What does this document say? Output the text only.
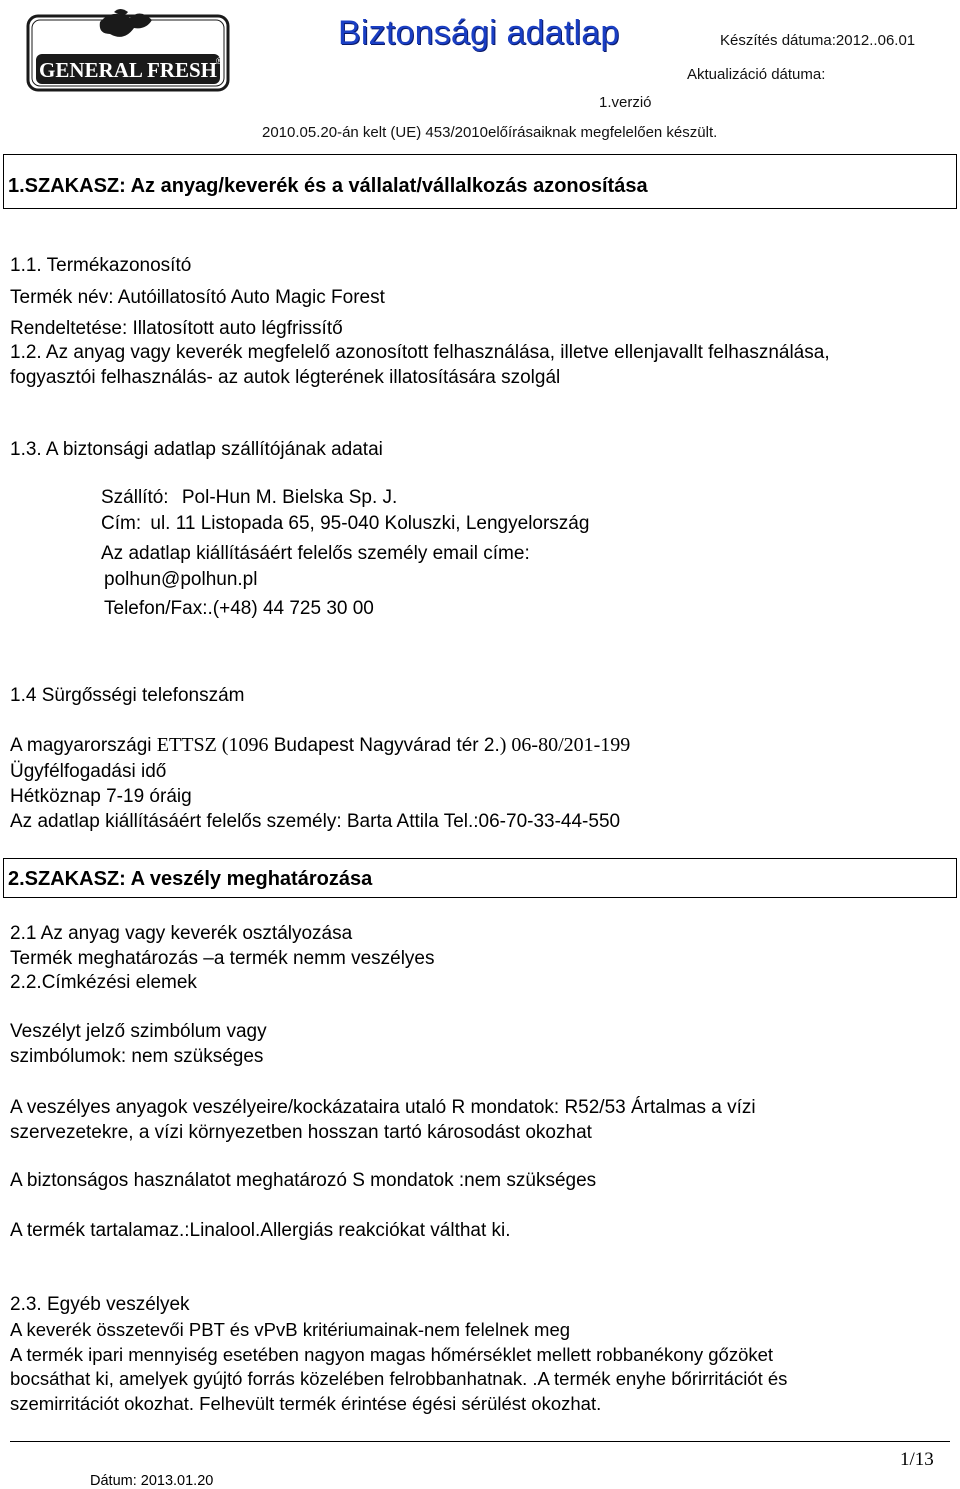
GENERAL FRESH ®
Biztonsági adatlap	Készítés dátuma:2012..06.01
Aktualizáció dátuma:
1.verzió
2010.05.20-án kelt (UE) 453/2010előírásaiknak megfelelően készült.
1.SZAKASZ: Az anyag/keverék és a vállalat/vállalkozás azonosítása
1.1. Termékazonosító
Termék név: Autóillatosító Auto Magic Forest
Rendeltetése: Illatosított auto légfrissítő
1.2. Az anyag vagy keverék megfelelő azonosított felhasználása, illetve ellenjavallt felhasználása,
fogyasztói felhasználás- az autok légterének illatosítására szolgál
1.3. A biztonsági adatlap szállítójának adatai
Szállító: Pol-Hun M. Bielska Sp. J.
Cím: ul. 11 Listopada 65, 95-040 Koluszki, Lengyelország
Az adatlap kiállításáért felelős személy email címe:
polhun@polhun.pl
Telefon/Fax:.(+48) 44 725 30 00
1.4 Sürgősségi telefonszám
A magyarországi ETTSZ (1096 Budapest Nagyvárad tér 2.) 06-80/201-199
Ügyfélfogadási idő
Hétköznap 7-19 óráig
Az adatlap kiállításáért felelős személy: Barta Attila Tel.:06-70-33-44-550
2.SZAKASZ: A veszély meghatározása
2.1 Az anyag vagy keverék osztályozása
Termék meghatározás –a termék nemm veszélyes
2.2.Címkézési elemek
Veszélyt jelző szimbólum vagy
szimbólumok: nem szükséges
A veszélyes anyagok veszélyeire/kockázataira utaló R mondatok: R52/53 Ártalmas a vízi
szervezetekre, a vízi környezetben hosszan tartó károsodást okozhat
A biztonságos használatot meghatározó S mondatok :nem szükséges
A termék tartalamaz.:Linalool.Allergiás reakciókat válthat ki.
2.3. Egyéb veszélyek
A keverék összetevői PBT és vPvB kritériumainak-nem felelnek meg
A termék ipari mennyiség esetében nagyon magas hőmérséklet mellett robbanékony gőzöket
bocsáthat ki, amelyek gyújtó forrás közelében felrobbanhatnak. .A termék enyhe bőrirritációt és
szemirritációt okozhat. Felhevült termék érintése égési sérülést okozhat.
1/13
Dátum: 2013.01.20
